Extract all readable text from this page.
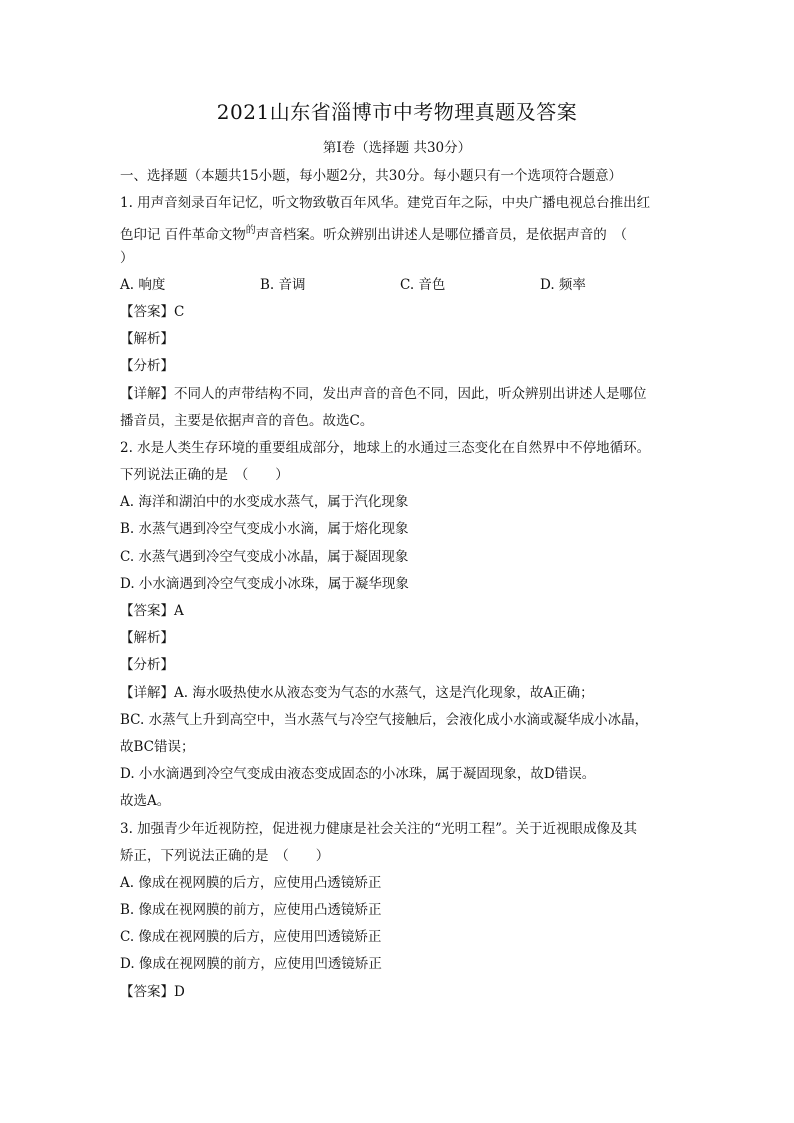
2021山东省淄博市中考物理真题及答案
第Ⅰ卷（选择题 共30分）
一、选择题（本题共15小题，每小题2分，共30分。每小题只有一个选项符合题意）
1. 用声音刻录百年记忆，听文物致敬百年风华。建党百年之际，中央广播电视总台推出红
色印记 百件革命文物$^的$声音档案。听众辨别出讲述人是哪位播音员，是依据声音的　（
）
A. 响度	B. 音调	C. 音色	D. 频率
【答案】C
【解析】
【分析】
【详解】不同人的声带结构不同，发出声音的音色不同，因此，听众辨别出讲述人是哪位
播音员，主要是依据声音的音色。故选C。
2. 水是人类生存环境的重要组成部分，地球上的水通过三态变化在自然界中不停地循环。
下列说法正确的是　（　　）
A. 海洋和湖泊中的水变成水蒸气，属于汽化现象
B. 水蒸气遇到冷空气变成小水滴，属于熔化现象
C. 水蒸气遇到冷空气变成小冰晶，属于凝固现象
D. 小水滴遇到冷空气变成小冰珠，属于凝华现象
【答案】A
【解析】
【分析】
【详解】A. 海水吸热使水从液态变为气态的水蒸气，这是汽化现象，故A正确；
BC. 水蒸气上升到高空中，当水蒸气与冷空气接触后，会液化成小水滴或凝华成小冰晶，
故BC错误；
D. 小水滴遇到冷空气变成由液态变成固态的小冰珠，属于凝固现象，故D错误。
故选A。
3. 加强青少年近视防控，促进视力健康是社会关注的“光明工程”。关于近视眼成像及其
矫正，下列说法正确的是　（　　）
A. 像成在视网膜的后方，应使用凸透镜矫正
B. 像成在视网膜的前方，应使用凸透镜矫正
C. 像成在视网膜的后方，应使用凹透镜矫正
D. 像成在视网膜的前方，应使用凹透镜矫正
【答案】D
